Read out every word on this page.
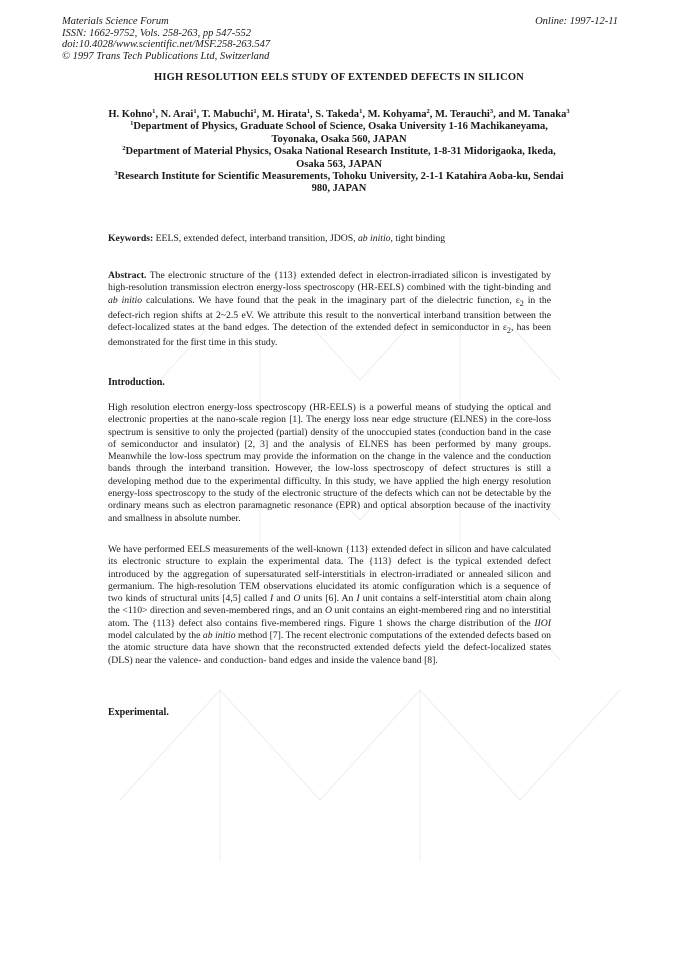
Materials Science Forum
ISSN: 1662-9752, Vols. 258-263, pp 547-552
doi:10.4028/www.scientific.net/MSF.258-263.547
© 1997 Trans Tech Publications Ltd, Switzerland
Online: 1997-12-11
HIGH RESOLUTION EELS STUDY OF EXTENDED DEFECTS IN SILICON
H. Kohno$^1$, N. Arai$^1$, T. Mabuchi$^1$, M. Hirata$^1$, S. Takeda$^1$, M. Kohyama$^2$, M. Terauchi$^3$, and M. Tanaka$^3$
$^1$Department of Physics, Graduate School of Science, Osaka University 1-16 Machikaneyama, Toyonaka, Osaka 560, JAPAN
$^2$Department of Material Physics, Osaka National Research Institute, 1-8-31 Midorigaoka, Ikeda, Osaka 563, JAPAN
$^3$Research Institute for Scientific Measurements, Tohoku University, 2-1-1 Katahira Aoba-ku, Sendai 980, JAPAN
Keywords: EELS, extended defect, interband transition, JDOS, ab initio, tight binding
Abstract. The electronic structure of the {113} extended defect in electron-irradiated silicon is investigated by high-resolution transmission electron energy-loss spectroscopy (HR-EELS) combined with the tight-binding and ab initio calculations. We have found that the peak in the imaginary part of the dielectric function, $\varepsilon_2$ in the defect-rich region shifts at 2~2.5 eV. We attribute this result to the nonvertical interband transition between the defect-localized states at the band edges. The detection of the extended defect in semiconductor in $\varepsilon_2$, has been demonstrated for the first time in this study.
Introduction.
High resolution electron energy-loss spectroscopy (HR-EELS) is a powerful means of studying the optical and electronic properties at the nano-scale region [1]. The energy loss near edge structure (ELNES) in the core-loss spectrum is sensitive to only the projected (partial) density of the unoccupied states (conduction band in the case of semiconductor and insulator) [2, 3] and the analysis of ELNES has been performed by many groups. Meanwhile the low-loss spectrum may provide the information on the change in the valence and the conduction bands through the interband transition. However, the low-loss spectroscopy of defect structures is still a developing method due to the experimental difficulty. In this study, we have applied the high energy resolution energy-loss spectroscopy to the study of the electronic structure of the defects which can not be detectable by the ordinary means such as electron paramagnetic resonance (EPR) and optical absorption because of the inactivity and smallness in absolute number.
We have performed EELS measurements of the well-known {113} extended defect in silicon and have calculated its electronic structure to explain the experimental data. The {113} defect is the typical extended defect introduced by the aggregation of supersaturated self-interstitials in electron-irradiated or annealed silicon and germanium. The high-resolution TEM observations elucidated its atomic configuration which is a sequence of two kinds of structural units [4,5] called I and O units [6]. An I unit contains a self-interstitial atom chain along the <110> direction and seven-membered rings, and an O unit contains an eight-membered ring and no interstitial atom. The {113} defect also contains five-membered rings. Figure 1 shows the charge distribution of the IIOI model calculated by the ab initio method [7]. The recent electronic computations of the extended defects based on the atomic structure data have shown that the reconstructed extended defects yield the defect-localized states (DLS) near the valence- and conduction- band edges and inside the valence band [8].
Experimental.
